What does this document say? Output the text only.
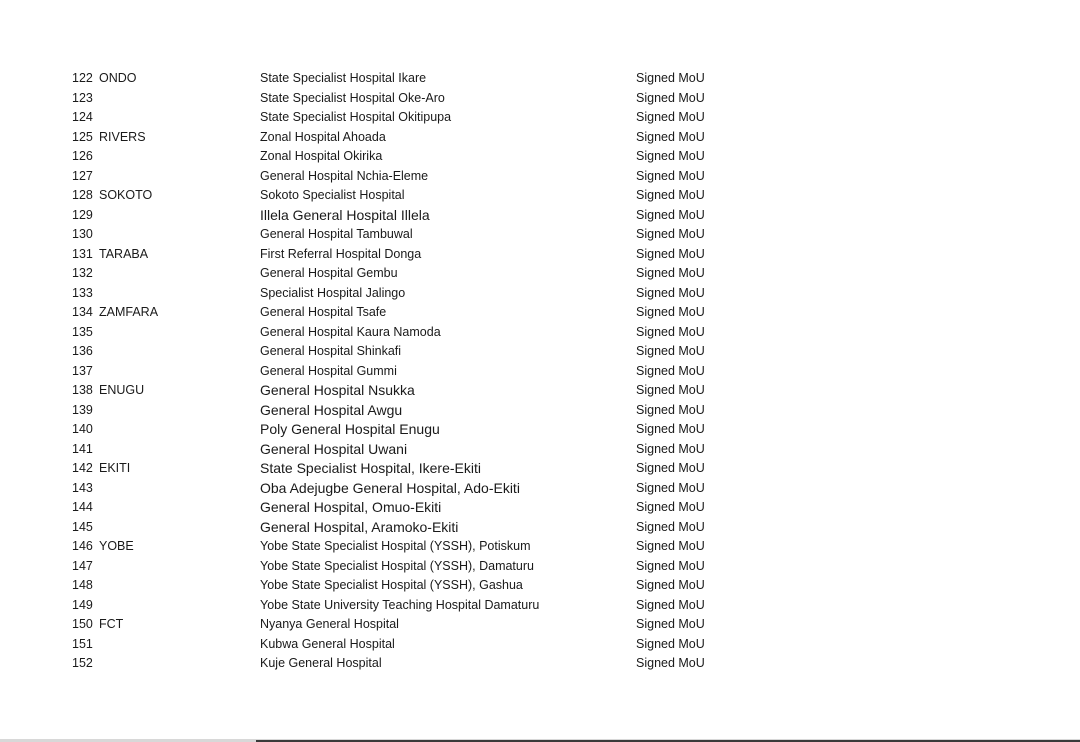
122 ONDO	State Specialist Hospital Ikare	Signed MoU
123	State Specialist Hospital Oke-Aro	Signed MoU
124	State Specialist Hospital Okitipupa	Signed MoU
125 RIVERS	Zonal Hospital Ahoada	Signed MoU
126	Zonal Hospital Okirika	Signed MoU
127	General Hospital Nchia-Eleme	Signed MoU
128 SOKOTO	Sokoto Specialist Hospital	Signed MoU
129	Illela General Hospital Illela	Signed MoU
130	General Hospital Tambuwal	Signed MoU
131 TARABA	First Referral Hospital Donga	Signed MoU
132	General Hospital Gembu	Signed MoU
133	Specialist Hospital Jalingo	Signed MoU
134 ZAMFARA	General Hospital Tsafe	Signed MoU
135	General Hospital Kaura Namoda	Signed MoU
136	General Hospital Shinkafi	Signed MoU
137	General Hospital Gummi	Signed MoU
138 ENUGU	General Hospital Nsukka	Signed MoU
139	General Hospital Awgu	Signed MoU
140	Poly General Hospital Enugu	Signed MoU
141	General Hospital Uwani	Signed MoU
142 EKITI	State Specialist Hospital, Ikere-Ekiti	Signed MoU
143	Oba Adejugbe General Hospital, Ado-Ekiti	Signed MoU
144	General Hospital, Omuo-Ekiti	Signed MoU
145	General Hospital, Aramoko-Ekiti	Signed MoU
146 YOBE	Yobe State Specialist Hospital (YSSH), Potiskum	Signed MoU
147	Yobe State Specialist Hospital (YSSH), Damaturu	Signed MoU
148	Yobe State Specialist Hospital (YSSH), Gashua	Signed MoU
149	Yobe State University Teaching Hospital Damaturu	Signed MoU
150 FCT	Nyanya General Hospital	Signed MoU
151	Kubwa General Hospital	Signed MoU
152	Kuje General Hospital	Signed MoU
